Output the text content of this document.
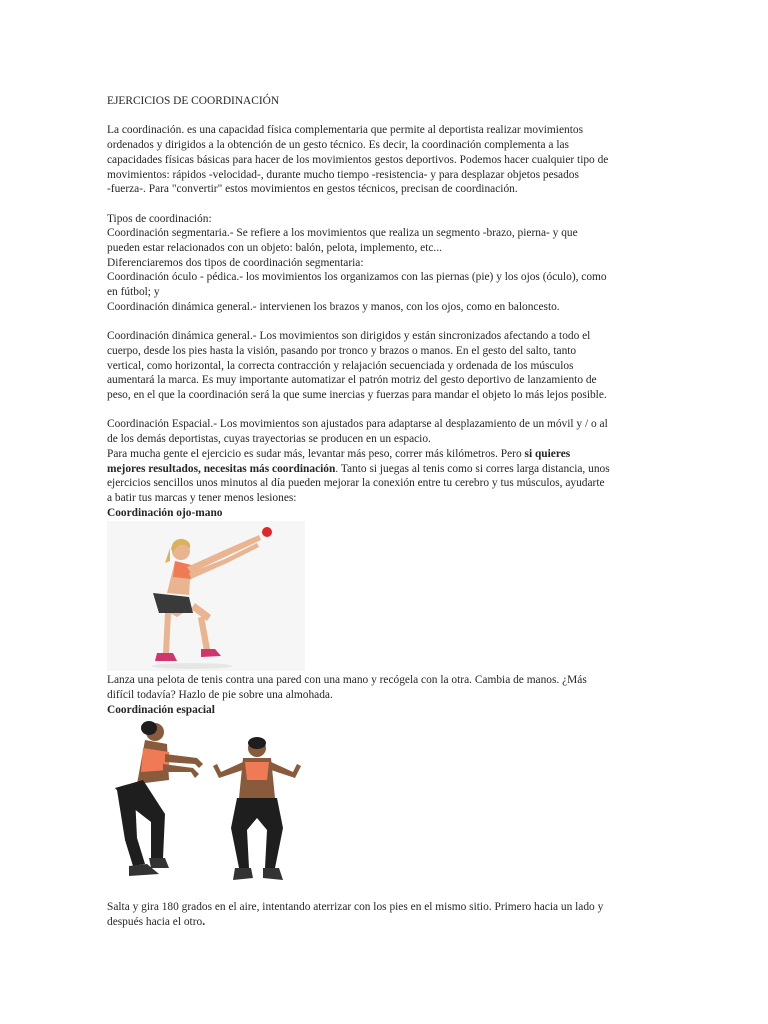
EJERCICIOS DE COORDINACIÓN
La coordinación. es una capacidad física complementaria que permite al deportista realizar movimientos
ordenados y dirigidos a la obtención de un gesto técnico. Es decir, la coordinación complementa a las
capacidades físicas básicas para hacer de los movimientos gestos deportivos. Podemos hacer cualquier tipo de
movimientos: rápidos -velocidad-, durante mucho tiempo -resistencia- y para desplazar objetos pesados
-fuerza-. Para "convertir" estos movimientos en gestos técnicos, precisan de coordinación.
Tipos de coordinación:
Coordinación segmentaria.- Se refiere a los movimientos que realiza un segmento -brazo, pierna- y que
pueden estar relacionados con un objeto: balón, pelota, implemento, etc...
Diferenciaremos dos tipos de coordinación segmentaria:
Coordinación óculo - pédica.- los movimientos los organizamos con las piernas (pie) y los ojos (óculo), como
en fútbol; y
Coordinación dinámica general.- intervienen los brazos y manos, con los ojos, como en baloncesto.
Coordinación dinámica general.- Los movimientos son dirigidos y están sincronizados afectando a todo el
cuerpo, desde los pies hasta la visión, pasando por tronco y brazos o manos. En el gesto del salto, tanto
vertical, como horizontal, la correcta contracción y relajación secuenciada y ordenada de los músculos
aumentará la marca. Es muy importante automatizar el patrón motriz del gesto deportivo de lanzamiento de
peso, en el que la coordinación será la que sume inercias y fuerzas para mandar el objeto lo más lejos posible.
Coordinación Espacial.- Los movimientos son ajustados para adaptarse al desplazamiento de un móvil y / o al
de los demás deportistas, cuyas trayectorias se producen en un espacio.
Para mucha gente el ejercicio es sudar más, levantar más peso, correr más kilómetros. Pero si quieres
mejores resultados, necesitas más coordinación. Tanto si juegas al tenis como si corres larga distancia, unos
ejercicios sencillos unos minutos al día pueden mejorar la conexión entre tu cerebro y tus músculos, ayudarte
a batir tus marcas y tener menos lesiones:
Coordinación ojo-mano
Lanza una pelota de tenis contra una pared con una mano y recógela con la otra. Cambia de manos. ¿Más
difícil todavía? Hazlo de pie sobre una almohada.
Coordinación espacial
Salta y gira 180 grados en el aire, intentando aterrizar con los pies en el mismo sitio. Primero hacia un lado y
después hacia el otro.
